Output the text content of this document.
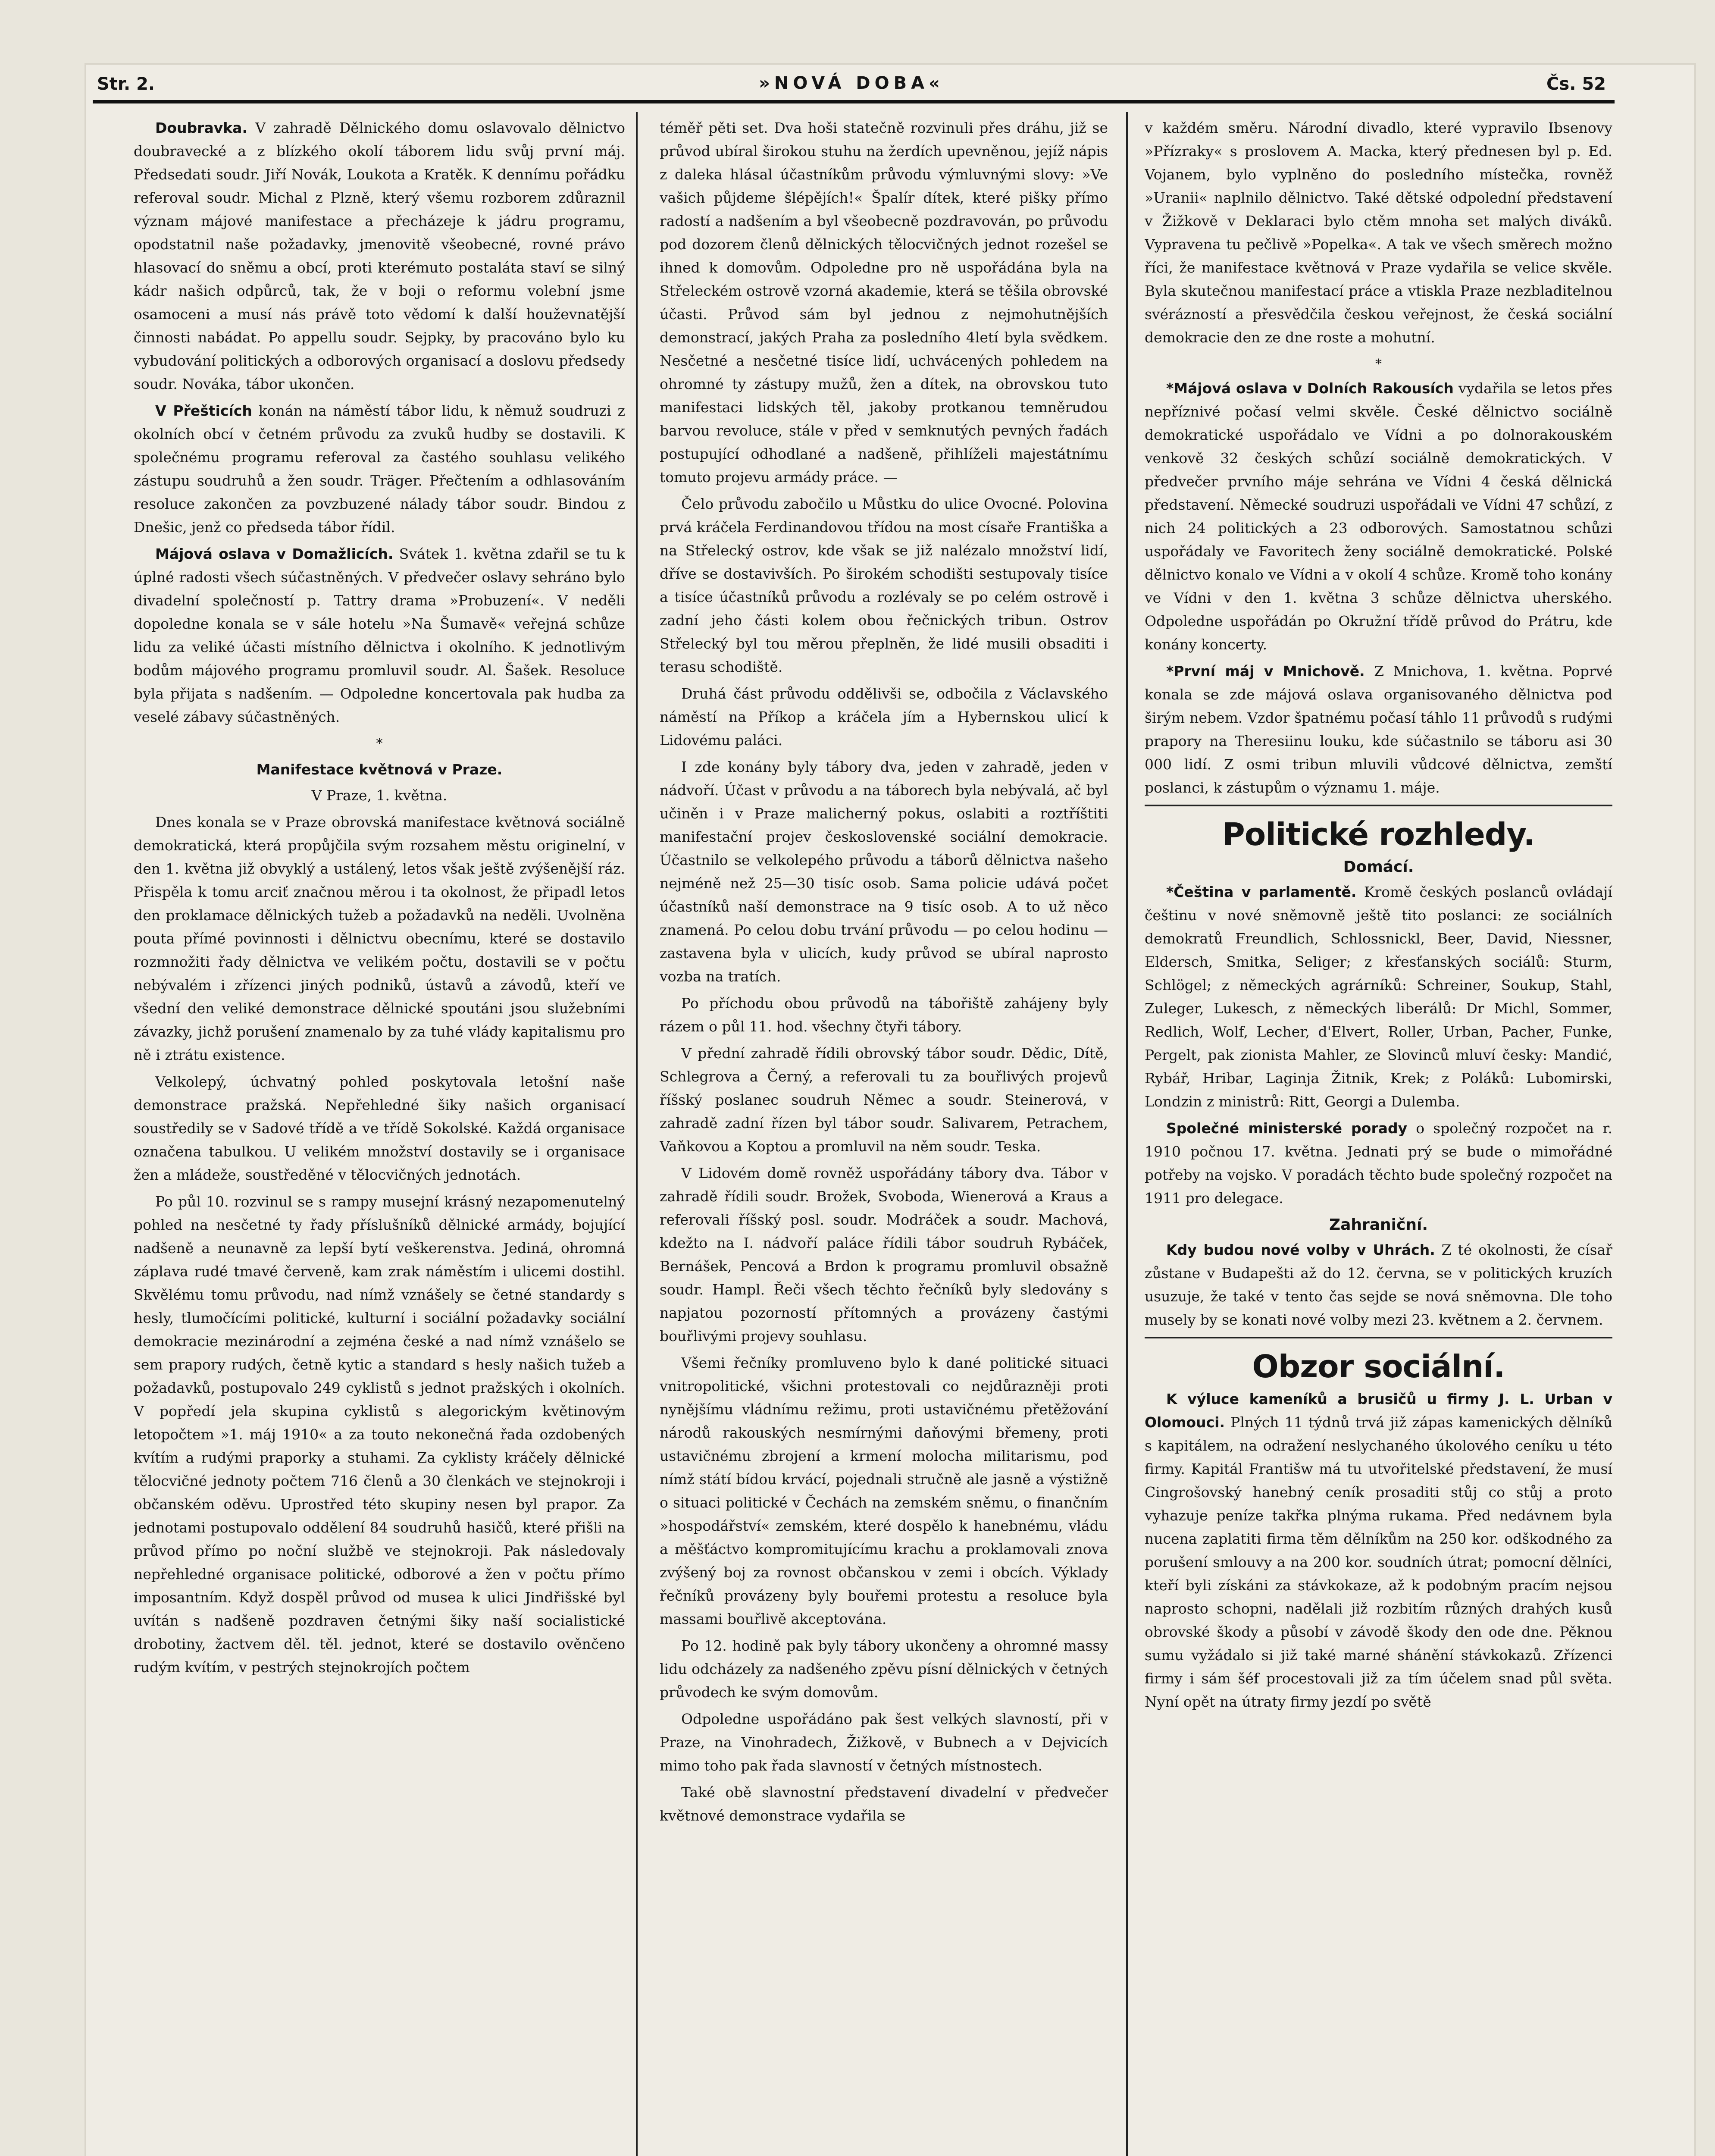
Str. 2.	»NOVÁ DOBA«	Čs. 52

Doubravka. V zahradě Dělnického domu oslavovalo dělnictvo doubravecké a z blízkého okolí táborem lidu svůj první máj. Předsedati soudr. Jiří Novák, Loukota a Kratěk. K dennímu pořádku referoval soudr. Michal z Plzně, který všemu rozborem zdůraznil význam májové manifestace a přecházeje k jádru programu, opodstatnil naše požadavky, jmenovitě všeobecné, rovné právo hlasovací do sněmu a obcí, proti kterémuto postaláta staví se silný kádr našich odpůrců, tak, že v boji o reformu volební jsme osamoceni a musí nás právě toto vědomí k další houževnatější činnosti nabádat. Po appellu soudr. Sejpky, by pracováno bylo ku vybudování politických a odborových organisací a doslovu předsedy soudr. Nováka, tábor ukončen.

V Přešticích konán na náměstí tábor lidu, k němuž soudruzi z okolních obcí v četném průvodu za zvuků hudby se dostavili. K společnému programu referoval za častého souhlasu velikého zástupu soudruhů a žen soudr. Träger. Přečtením a odhlasováním resoluce zakončen za povzbuzené nálady tábor soudr. Bindou z Dnešic, jenž co předseda tábor řídil.

Májová oslava v Domažlicích. Svátek 1. května zdařil se tu k úplné radosti všech súčastněných. V předvečer oslavy sehráno bylo divadelní společností p. Tattry drama »Probuzení«. V neděli dopoledne konala se v sále hotelu »Na Šumavě« veřejná schůze lidu za veliké účasti místního dělnictva i okolního. K jednotlivým bodům májového programu promluvil soudr. Al. Šašek. Resoluce byla přijata s nadšením. — Odpoledne koncertovala pak hudba za veselé zábavy súčastněných.

*
Manifestace květnová v Praze.
V Praze, 1. května.

Dnes konala se v Praze obrovská manifestace květnová sociálně demokratická, která propůjčila svým rozsahem městu originelní, v den 1. května již obvyklý a ustálený, letos však ještě zvýšenější ráz. Přispěla k tomu arciť značnou měrou i ta okolnost, že připadl letos den proklamace dělnických tužeb a požadavků na neděli. Uvolněna pouta přímé povinnosti i dělnictvu obecnímu, které se dostavilo rozmnožiti řady dělnictva ve velikém počtu, dostavili se v počtu nebývalém i zřízenci jiných podniků, ústavů a závodů, kteří ve všední den veliké demonstrace dělnické spoutáni jsou služebními závazky, jichž porušení znamenalo by za tuhé vlády kapitalismu pro ně i ztrátu existence.

Velkolepý, úchvatný pohled poskytovala letošní naše demonstrace pražská. Nepřehledné šiky našich organisací soustředily se v Sadové třídě a ve třídě Sokolské. Každá organisace označena tabulkou. U velikém množství dostavily se i organisace žen a mládeže, soustředěné v tělocvičných jednotách.

Po půl 10. rozvinul se s rampy musejní krásný nezapomenutelný pohled na nesčetné ty řady příslušníků dělnické armády, bojující nadšeně a neunavně za lepší bytí veškerenstva. Jediná, ohromná záplava rudé tmavé červeně, kam zrak náměstím i ulicemi dostihl. Skvělému tomu průvodu, nad nímž vznášely se četné standardy s hesly, tlumočícími politické, kulturní i sociální požadavky sociální demokracie mezinárodní a zejména české a nad nímž vznášelo se sem prapory rudých, četně kytic a standard s hesly našich tužeb a požadavků, postupovalo 249 cyklistů s jednot pražských i okolních. V popředí jela skupina cyklistů s alegorickým květinovým letopočtem »1. máj 1910« a za touto nekonečná řada ozdobených kvítím a rudými praporky a stuhami. Za cyklisty kráčely dělnické tělocvičné jednoty počtem 716 členů a 30 členkách ve stejnokroji i občanském oděvu. Uprostřed této skupiny nesen byl prapor. Za jednotami postupovalo oddělení 84 soudruhů hasičů, které přišli na průvod přímo po noční službě ve stejnokroji. Pak následovaly nepřehledné organisace politické, odborové a žen v počtu přímo imposantním. Když dospěl průvod od musea k ulici Jindřišské byl uvítán s nadšeně pozdraven četnými šiky naší socialistické drobotiny, žactvem děl. těl. jednot, které se dostavilo ověnčeno rudým kvítím, v pestrých stejnokrojích počtem

téměř pěti set. Dva hoši statečně rozvinuli přes dráhu, již se průvod ubíral širokou stuhu na žerdích upevněnou, jejíž nápis z daleka hlásal účastníkům průvodu výmluvnými slovy: »Ve vašich půjdeme šlépějích!« Špalír dítek, které pišky přímo radostí a nadšením a byl všeobecně pozdravován, po průvodu pod dozorem členů dělnických tělocvičných jednot rozešel se ihned k domovům. Odpoledne pro ně uspořádána byla na Střeleckém ostrově vzorná akademie, která se těšila obrovské účasti. Průvod sám byl jednou z nejmohutnějších demonstrací, jakých Praha za posledního 4letí byla svědkem. Nesčetné a nesčetné tisíce lidí, uchvácených pohledem na ohromné ty zástupy mužů, žen a dítek, na obrovskou tuto manifestaci lidských těl, jakoby protkanou temněrudou barvou revoluce, stále v před v semknutých pevných řadách postupující odhodlané a nadšeně, přihlíželi majestátnímu tomuto projevu armády práce. —

Čelo průvodu zabočilo u Můstku do ulice Ovocné. Polovina prvá kráčela Ferdinandovou třídou na most císaře Františka a na Střelecký ostrov, kde však se již nalézalo množství lidí, dříve se dostavivších. Po širokém schodišti sestupovaly tisíce a tisíce účastníků průvodu a rozlévaly se po celém ostrově i zadní jeho části kolem obou řečnických tribun. Ostrov Střelecký byl tou měrou přeplněn, že lidé musili obsaditi i terasu schodiště.

Druhá část průvodu oddělivši se, odbočila z Václavského náměstí na Příkop a kráčela jím a Hybernskou ulicí k Lidovému paláci.

I zde konány byly tábory dva, jeden v zahradě, jeden v nádvoří. Účast v průvodu a na táborech byla nebývalá, ač byl učiněn i v Praze malicherný pokus, oslabiti a roztříštiti manifestační projev československé sociální demokracie. Účastnilo se velkolepého průvodu a táborů dělnictva našeho nejméně než 25—30 tisíc osob. Sama policie udává počet účastníků naší demonstrace na 9 tisíc osob. A to už něco znamená. Po celou dobu trvání průvodu — po celou hodinu — zastavena byla v ulicích, kudy průvod se ubíral naprosto vozba na tratích.

Po příchodu obou průvodů na tábořiště zahájeny byly rázem o půl 11. hod. všechny čtyři tábory.

V přední zahradě řídili obrovský tábor soudr. Dědic, Dítě, Schlegrova a Černý, a referovali tu za bouřlivých projevů říšský poslanec soudruh Němec a soudr. Steinerová, v zahradě zadní řízen byl tábor soudr. Salivarem, Petrachem, Vaňkovou a Koptou a promluvil na něm soudr. Teska.

V Lidovém domě rovněž uspořádány tábory dva. Tábor v zahradě řídili soudr. Brožek, Svoboda, Wienerová a Kraus a referovali říšský posl. soudr. Modráček a soudr. Machová, kdežto na I. nádvoří paláce řídili tábor soudruh Rybáček, Bernášek, Pencová a Brdon k programu promluvil obsažně soudr. Hampl. Řeči všech těchto řečníků byly sledovány s napjatou pozorností přítomných a provázeny častými bouřlivými projevy souhlasu.

Všemi řečníky promluveno bylo k dané politické situaci vnitropolitické, všichni protestovali co nejdůrazněji proti nynějšímu vládnímu režimu, proti ustavičnému přetěžování národů rakouských nesmírnými daňovými břemeny, proti ustavičnému zbrojení a krmení molocha militarismu, pod nímž státí bídou krvácí, pojednali stručně ale jasně a výstižně o situaci politické v Čechách na zemském sněmu, o finančním »hospodářství« zemském, které dospělo k hanebnému, vládu a měšťáctvo kompromitujícímu krachu a proklamovali znova zvýšený boj za rovnost občanskou v zemi i obcích. Výklady řečníků provázeny byly bouřemi protestu a resoluce byla massami bouřlivě akceptována.

Po 12. hodině pak byly tábory ukončeny a ohromné massy lidu odcházely za nadšeného zpěvu písní dělnických v četných průvodech ke svým domovům.

Odpoledne uspořádáno pak šest velkých slavností, při v Praze, na Vinohradech, Žižkově, v Bubnech a v Dejvicích mimo toho pak řada slavností v četných místnostech.

Také obě slavnostní představení divadelní v předvečer květnové demonstrace vydařila se

v každém směru. Národní divadlo, které vypravilo Ibsenovy »Přízraky« s proslovem A. Macka, který přednesen byl p. Ed. Vojanem, bylo vyplněno do posledního místečka, rovněž »Uranii« naplnilo dělnictvo. Také dětské odpolední představení v Žižkově v Deklaraci bylo ctěm mnoha set malých diváků. Vypravena tu pečlivě »Popelka«. A tak ve všech směrech možno říci, že manifestace květnová v Praze vydařila se velice skvěle. Byla skutečnou manifestací práce a vtiskla Praze nezbladitelnou svérázností a přesvědčila českou veřejnost, že česká sociální demokracie den ze dne roste a mohutní.

*

*Májová oslava v Dolních Rakousích vydařila se letos přes nepříznivé počasí velmi skvěle. České dělnictvo sociálně demokratické uspořádalo ve Vídni a po dolnorakouském venkově 32 českých schůzí sociálně demokratických. V předvečer prvního máje sehrána ve Vídni 4 česká dělnická představení. Německé soudruzi uspořádali ve Vídni 47 schůzí, z nich 24 politických a 23 odborových. Samostatnou schůzi uspořádaly ve Favoritech ženy sociálně demokratické. Polské dělnictvo konalo ve Vídni a v okolí 4 schůze. Kromě toho konány ve Vídni v den 1. května 3 schůze dělnictva uherského. Odpoledne uspořádán po Okružní třídě průvod do Prátru, kde konány koncerty.

*První máj v Mnichově. Z Mnichova, 1. května. Poprvé konala se zde májová oslava organisovaného dělnictva pod širým nebem. Vzdor špatnému počasí táhlo 11 průvodů s rudými prapory na Theresiinu louku, kde súčastnilo se táboru asi 30 000 lidí. Z osmi tribun mluvili vůdcové dělnictva, zemští poslanci, k zástupům o významu 1. máje.

Politické rozhledy.
Domácí.

*Čeština v parlamentě. Kromě českých poslanců ovládají češtinu v nové sněmovně ještě tito poslanci: ze sociálních demokratů Freundlich, Schlossnickl, Beer, David, Niessner, Eldersch, Smitka, Seliger; z křesťanských sociálů: Sturm, Schlögel; z německých agrárníků: Schreiner, Soukup, Stahl, Zuleger, Lukesch, z německých liberálů: Dr Michl, Sommer, Redlich, Wolf, Lecher, d'Elvert, Roller, Urban, Pacher, Funke, Pergelt, pak zionista Mahler, ze Slovinců mluví česky: Mandić, Rybář, Hribar, Laginja Žitnik, Krek; z Poláků: Lubomirski, Londzin z ministrů: Ritt, Georgi a Dulemba.

Společné ministerské porady o společný rozpočet na r. 1910 počnou 17. května. Jednati prý se bude o mimořádné potřeby na vojsko. V poradách těchto bude společný rozpočet na 1911 pro delegace.

Zahraniční.

Kdy budou nové volby v Uhrách. Z té okolnosti, že císař zůstane v Budapešti až do 12. června, se v politických kruzích usuzuje, že také v tento čas sejde se nová sněmovna. Dle toho musely by se konati nové volby mezi 23. květnem a 2. červnem.

Obzor sociální.

K výluce kameníků a brusičů u firmy J. L. Urban v Olomouci. Plných 11 týdnů trvá již zápas kamenických dělníků s kapitálem, na odražení neslychaného úkolového ceníku u této firmy. Kapitál Františw má tu utvořitelské představení, že musí Cingrošovský hanebný ceník prosaditi stůj co stůj a proto vyhazuje peníze takřka plnýma rukama. Před nedávnem byla nucena zaplatiti firma těm dělníkům na 250 kor. odškodného za porušení smlouvy a na 200 kor. soudních útrat; pomocní dělníci, kteří byli získáni za stávkokaze, až k podobným pracím nejsou naprosto schopni, nadělali již rozbitím různých drahých kusů obrovské škody a působí v závodě škody den ode dne. Pěknou sumu vyžádalo si již také marné shánění stávkokazů. Zřízenci firmy i sám šéf procestovali již za tím účelem snad půl světa. Nyní opět na útraty firmy jezdí po světě
